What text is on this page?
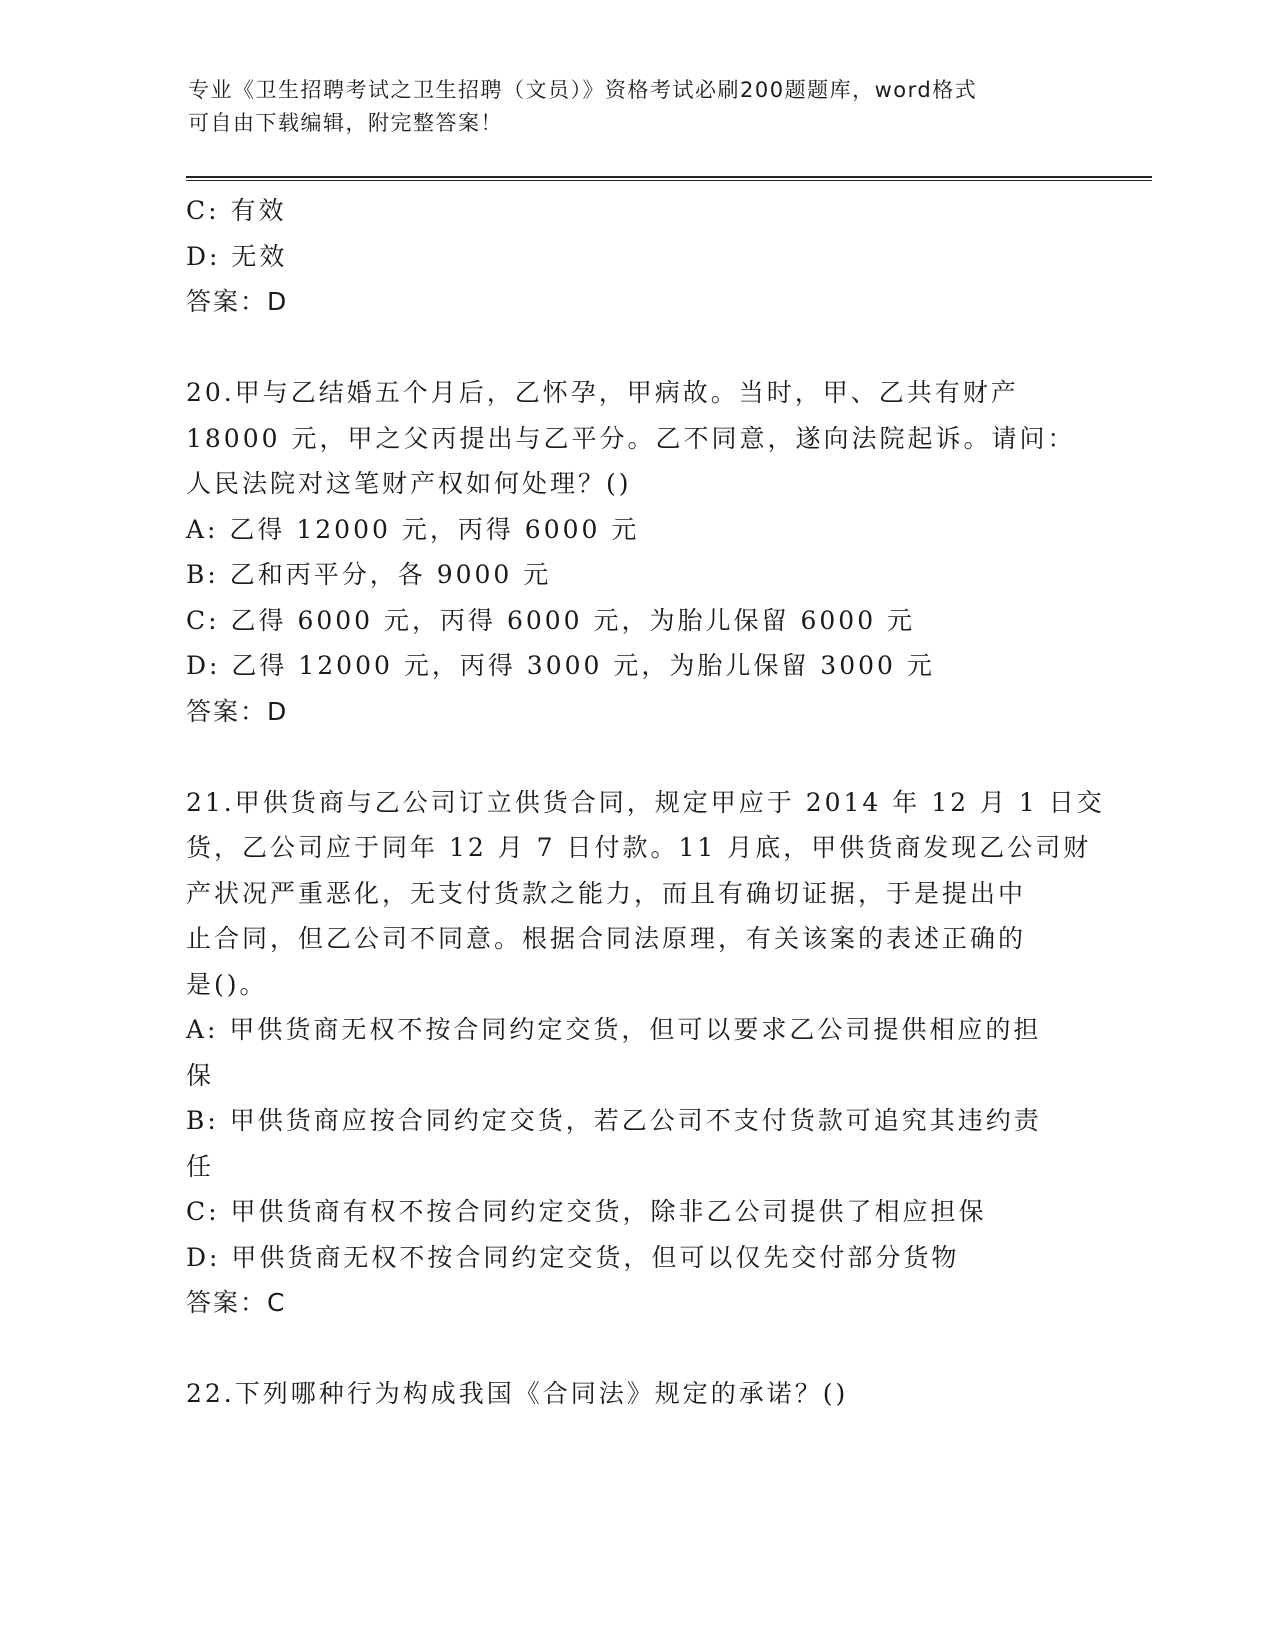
专业《卫生招聘考试之卫生招聘（文员）》资格考试必刷200题题库，word格式
可自由下载编辑，附完整答案！
C: 有效
D: 无效
答案：D
20.甲与乙结婚五个月后，乙怀孕，甲病故。当时，甲、乙共有财产
18000 元，甲之父丙提出与乙平分。乙不同意，遂向法院起诉。请问：
人民法院对这笔财产权如何处理？()
A: 乙得 12000 元，丙得 6000 元
B: 乙和丙平分，各 9000 元
C: 乙得 6000 元，丙得 6000 元，为胎儿保留 6000 元
D: 乙得 12000 元，丙得 3000 元，为胎儿保留 3000 元
答案：D
21.甲供货商与乙公司订立供货合同，规定甲应于 2014 年 12 月 1 日交
货，乙公司应于同年 12 月 7 日付款。11 月底，甲供货商发现乙公司财
产状况严重恶化，无支付货款之能力，而且有确切证据，于是提出中
止合同，但乙公司不同意。根据合同法原理，有关该案的表述正确的
是()。
A: 甲供货商无权不按合同约定交货，但可以要求乙公司提供相应的担
保
B: 甲供货商应按合同约定交货，若乙公司不支付货款可追究其违约责
任
C: 甲供货商有权不按合同约定交货，除非乙公司提供了相应担保
D: 甲供货商无权不按合同约定交货，但可以仅先交付部分货物
答案：C
22.下列哪种行为构成我国《合同法》规定的承诺？()
